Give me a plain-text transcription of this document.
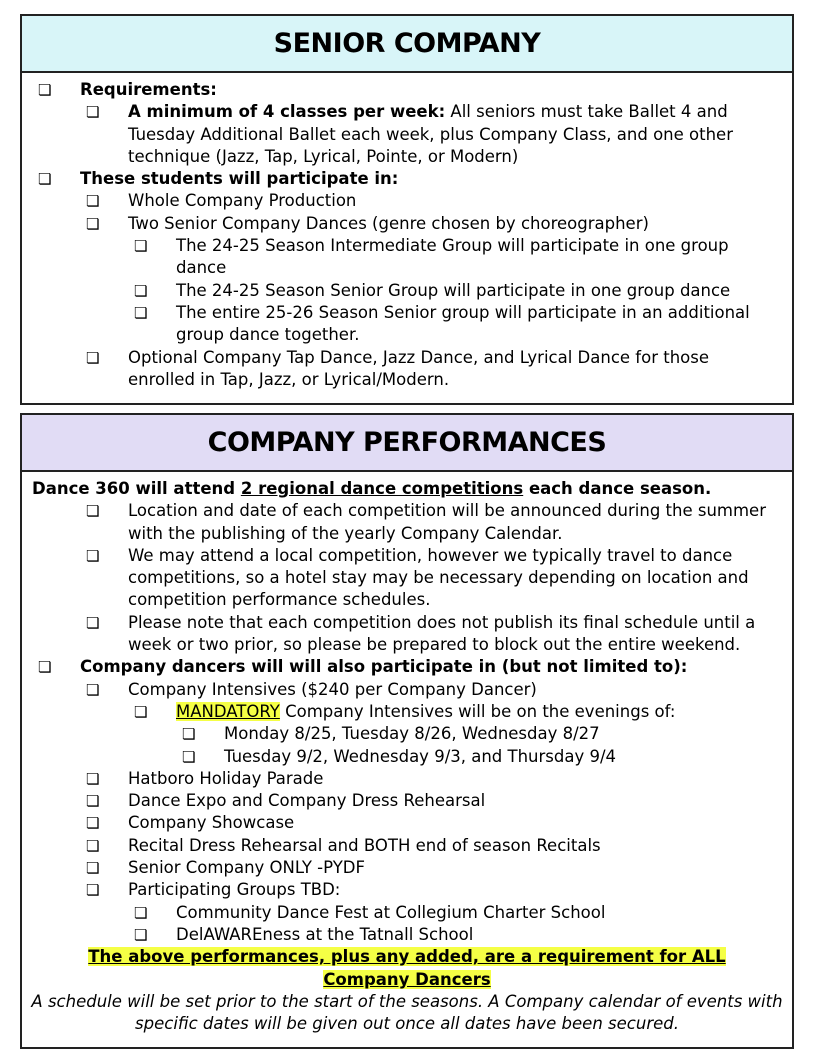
SENIOR COMPANY
❏ Requirements:
❏ A minimum of 4 classes per week: All seniors must take Ballet 4 and Tuesday Additional Ballet each week, plus Company Class, and one other technique (Jazz, Tap, Lyrical, Pointe, or Modern)
❏ These students will participate in:
❏ Whole Company Production
❏ Two Senior Company Dances (genre chosen by choreographer)
❏ The 24-25 Season Intermediate Group will participate in one group dance
❏ The 24-25 Season Senior Group will participate in one group dance
❏ The entire 25-26 Season Senior group will participate in an additional group dance together.
❏ Optional Company Tap Dance, Jazz Dance, and Lyrical Dance for those enrolled in Tap, Jazz, or Lyrical/Modern.
COMPANY PERFORMANCES
Dance 360 will attend 2 regional dance competitions each dance season.
❏ Location and date of each competition will be announced during the summer with the publishing of the yearly Company Calendar.
❏ We may attend a local competition, however we typically travel to dance competitions, so a hotel stay may be necessary depending on location and competition performance schedules.
❏ Please note that each competition does not publish its final schedule until a week or two prior, so please be prepared to block out the entire weekend.
❏ Company dancers will will also participate in (but not limited to):
❏ Company Intensives ($240 per Company Dancer)
❏ MANDATORY Company Intensives will be on the evenings of:
❏ Monday 8/25, Tuesday 8/26, Wednesday 8/27
❏ Tuesday 9/2, Wednesday 9/3, and Thursday 9/4
❏ Hatboro Holiday Parade
❏ Dance Expo and Company Dress Rehearsal
❏ Company Showcase
❏ Recital Dress Rehearsal and BOTH end of season Recitals
❏ Senior Company ONLY -PYDF
❏ Participating Groups TBD:
❏ Community Dance Fest at Collegium Charter School
❏ DelAWAREness at the Tatnall School
The above performances, plus any added, are a requirement for ALL Company Dancers
A schedule will be set prior to the start of the seasons. A Company calendar of events with specific dates will be given out once all dates have been secured.
